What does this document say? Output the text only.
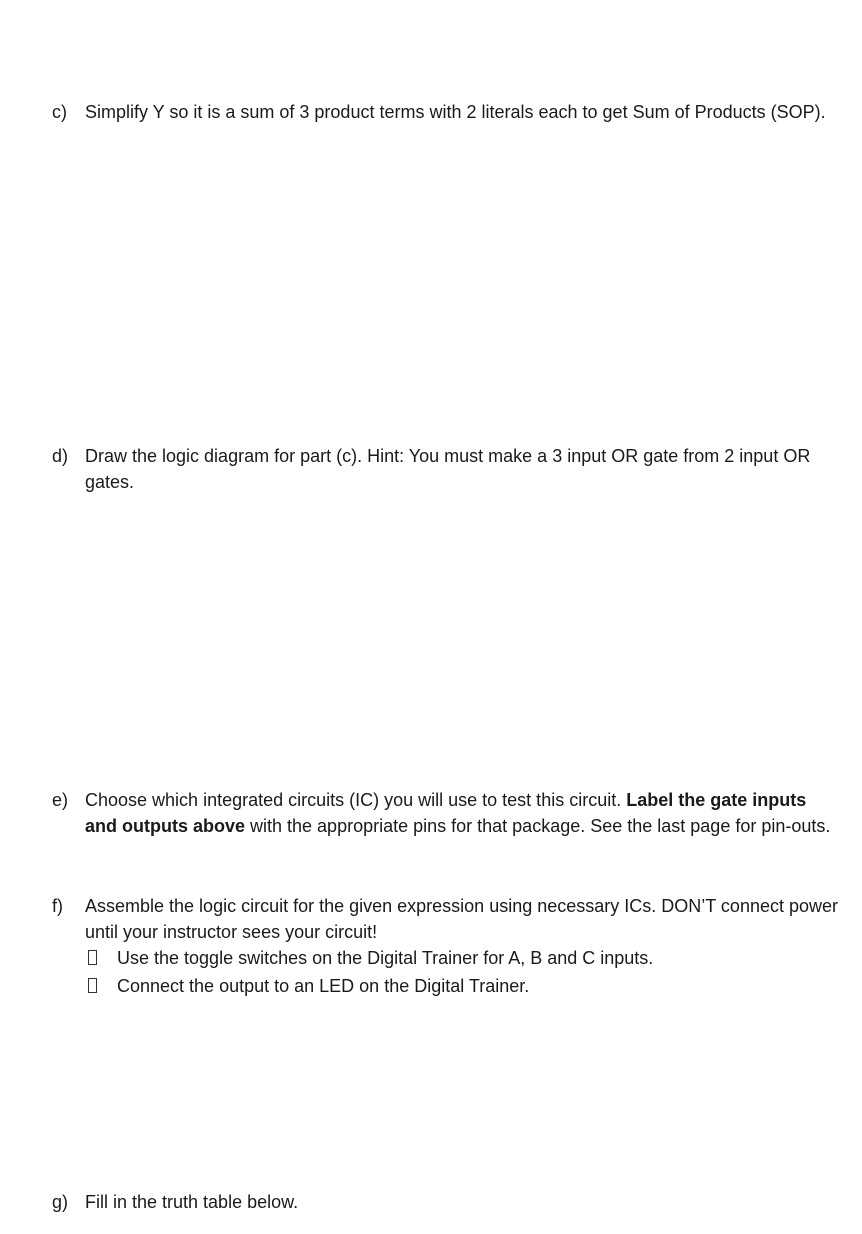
c)	Simplify Y so it is a sum of 3 product terms with 2 literals each to get Sum of Products (SOP).

d) Draw the logic diagram for part (c). Hint: You must make a 3 input OR gate from 2 input OR gates.

e) Choose which integrated circuits (IC) you will use to test this circuit. Label the gate inputs and outputs above with the appropriate pins for that package. See the last page for pin-outs.

f)	Assemble the logic circuit for the given expression using necessary ICs. DON’T connect power until your instructor sees your circuit!

Use the toggle switches on the Digital Trainer for A, B and C inputs.
Connect the output to an LED on the Digital Trainer.
g) Fill in the truth table below.
